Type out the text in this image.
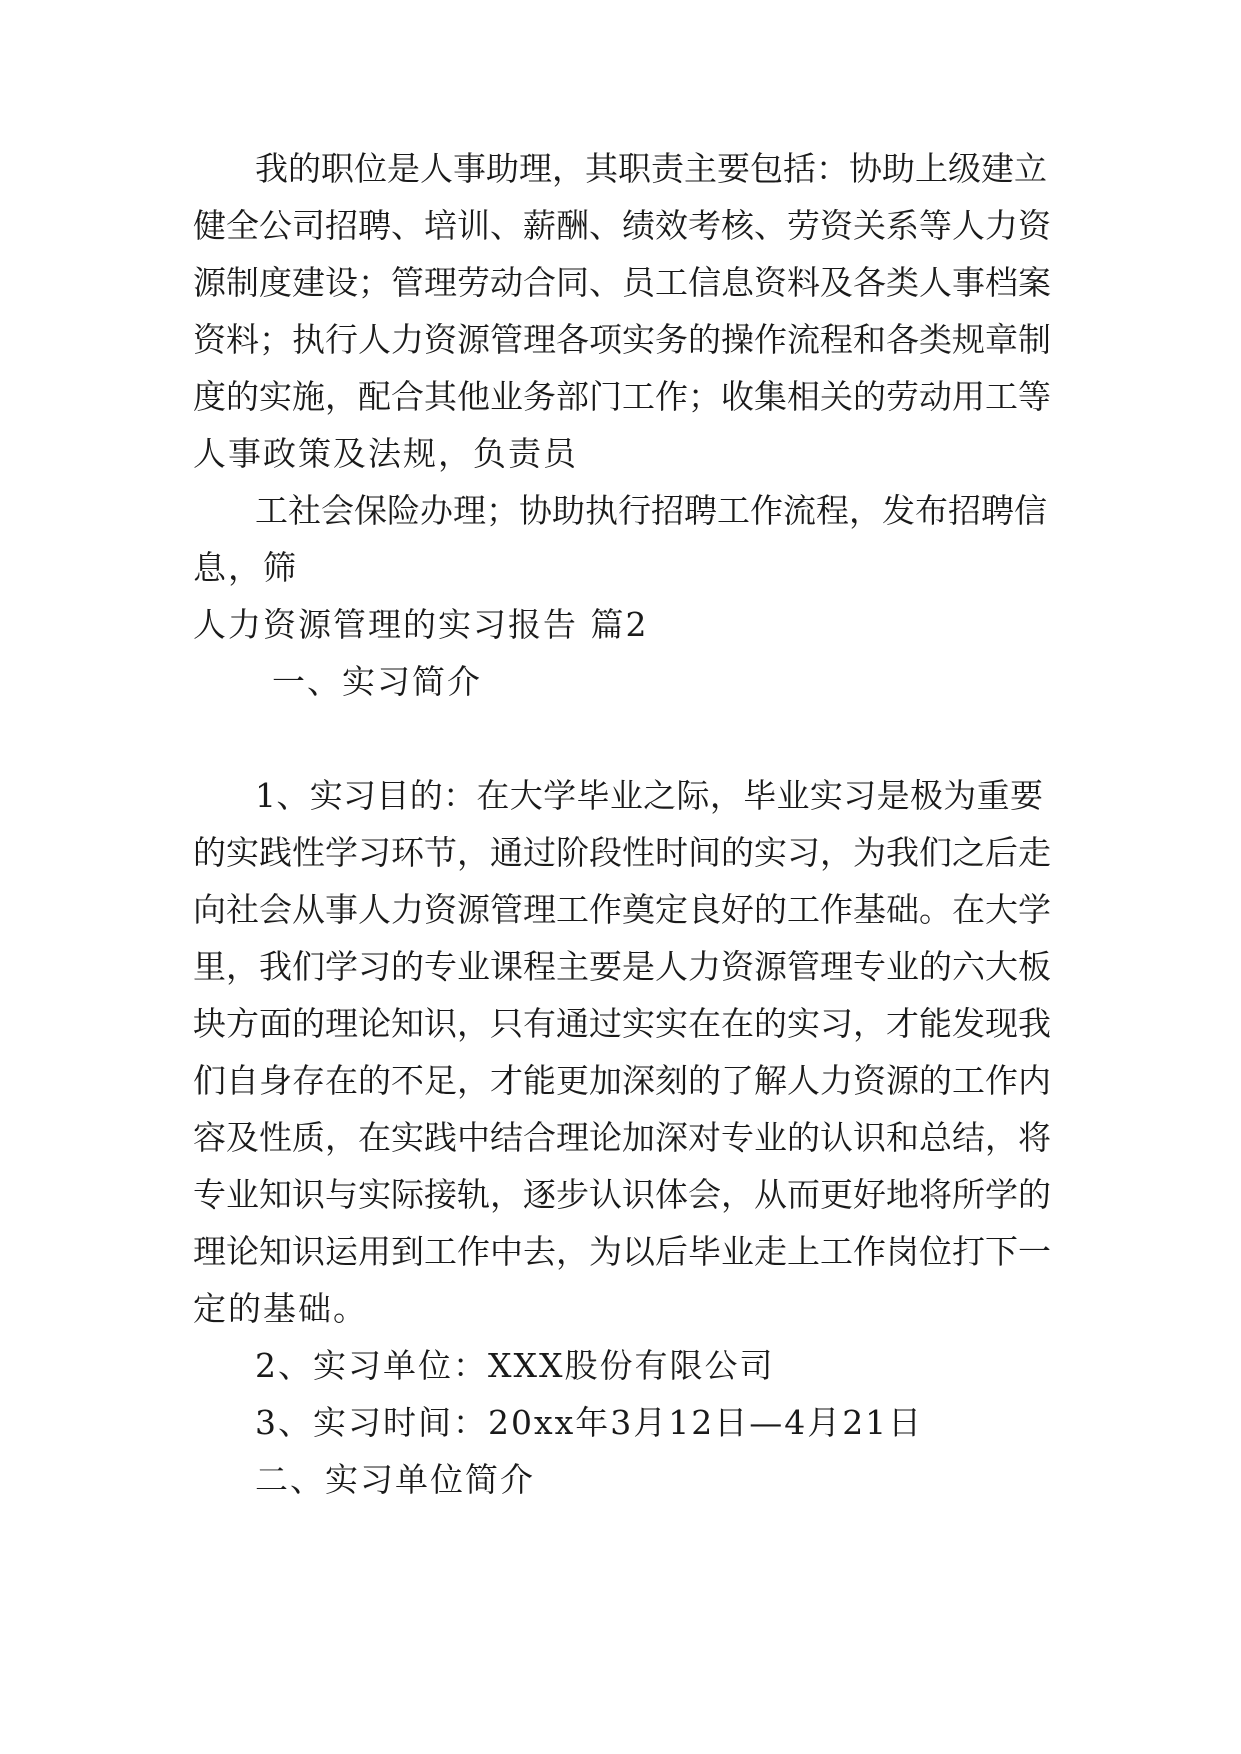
我的职位是人事助理，其职责主要包括：协助上级建立
健全公司招聘、培训、薪酬、绩效考核、劳资关系等人力资
源制度建设；管理劳动合同、员工信息资料及各类人事档案
资料；执行人力资源管理各项实务的操作流程和各类规章制
度的实施，配合其他业务部门工作；收集相关的劳动用工等
人事政策及法规，负责员
工社会保险办理；协助执行招聘工作流程，发布招聘信
息，筛
人力资源管理的实习报告 篇2
一、实习简介
1、实习目的：在大学毕业之际，毕业实习是极为重要
的实践性学习环节，通过阶段性时间的实习，为我们之后走
向社会从事人力资源管理工作奠定良好的工作基础。在大学
里，我们学习的专业课程主要是人力资源管理专业的六大板
块方面的理论知识，只有通过实实在在的实习，才能发现我
们自身存在的不足，才能更加深刻的了解人力资源的工作内
容及性质，在实践中结合理论加深对专业的认识和总结，将
专业知识与实际接轨，逐步认识体会，从而更好地将所学的
理论知识运用到工作中去，为以后毕业走上工作岗位打下一
定的基础。
2、实习单位：XXX股份有限公司
3、实习时间：20xx年3月12日—4月21日
二、实习单位简介
